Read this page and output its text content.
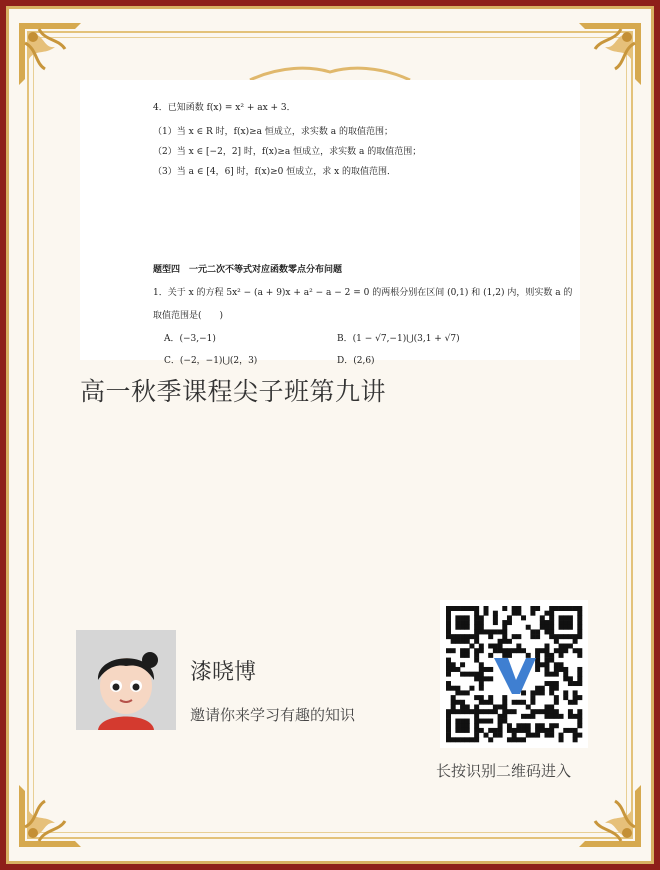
4．已知函数 f(x) = x² + ax + 3．
（1）当 x ∈ R 时，f(x)≥a 恒成立，求实数 a 的取值范围；
（2）当 x ∈ [−2，2] 时，f(x)≥a 恒成立，求实数 a 的取值范围；
（3）当 a ∈ [4，6] 时，f(x)≥0 恒成立，求 x 的取值范围．
题型四　一元二次不等式对应函数零点分布问题
1．关于 x 的方程 5x² − (a + 9)x + a² − a − 2 = 0 的两根分别在区间 (0,1) 和 (1,2) 内，则实数 a 的
取值范围是(　　)
A．(−3,−1)	B．(1 − √7,−1)⋃(3,1 + √7)
C．(−2，−1)⋃(2，3)	D．(2,6)
高一秋季课程尖子班第九讲
漆晓博
邀请你来学习有趣的知识
长按识别二维码进入
